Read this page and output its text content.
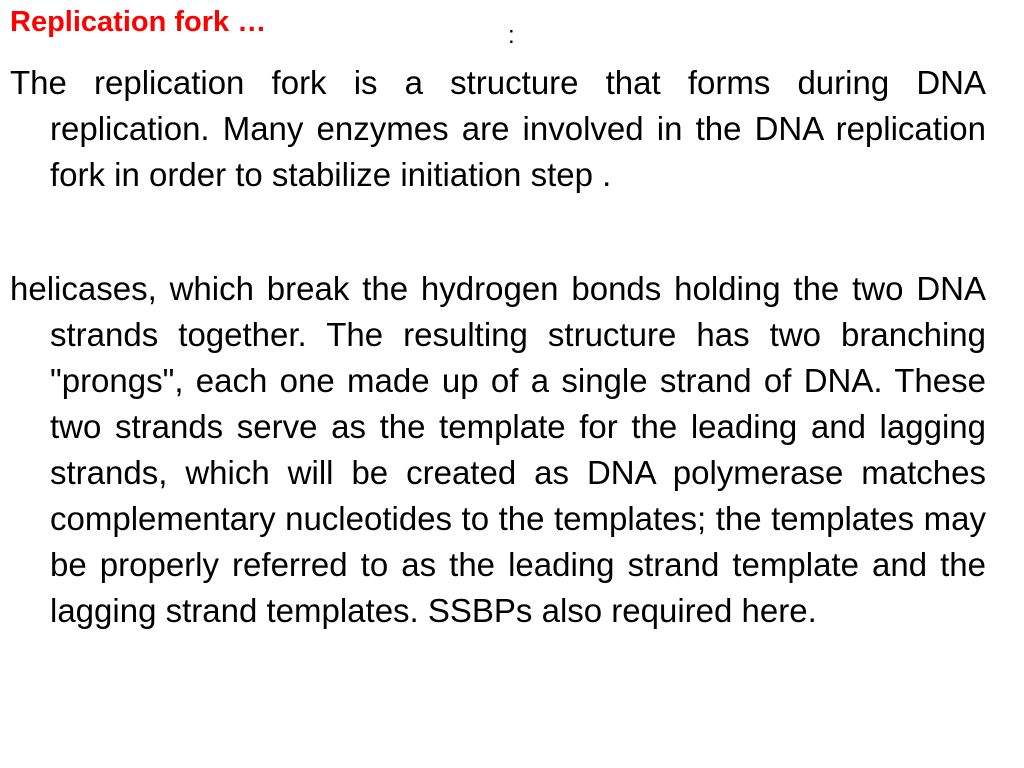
Replication fork …	:
The replication fork is a structure that forms during DNA replication. Many enzymes are involved in the DNA replication fork in order to stabilize initiation step .
helicases, which break the hydrogen bonds holding the two DNA strands together. The resulting structure has two branching "prongs", each one made up of a single strand of DNA. These two strands serve as the template for the leading and lagging strands, which will be created as DNA polymerase matches complementary nucleotides to the templates; the templates may be properly referred to as the leading strand template and the lagging strand templates. SSBPs also required here.
